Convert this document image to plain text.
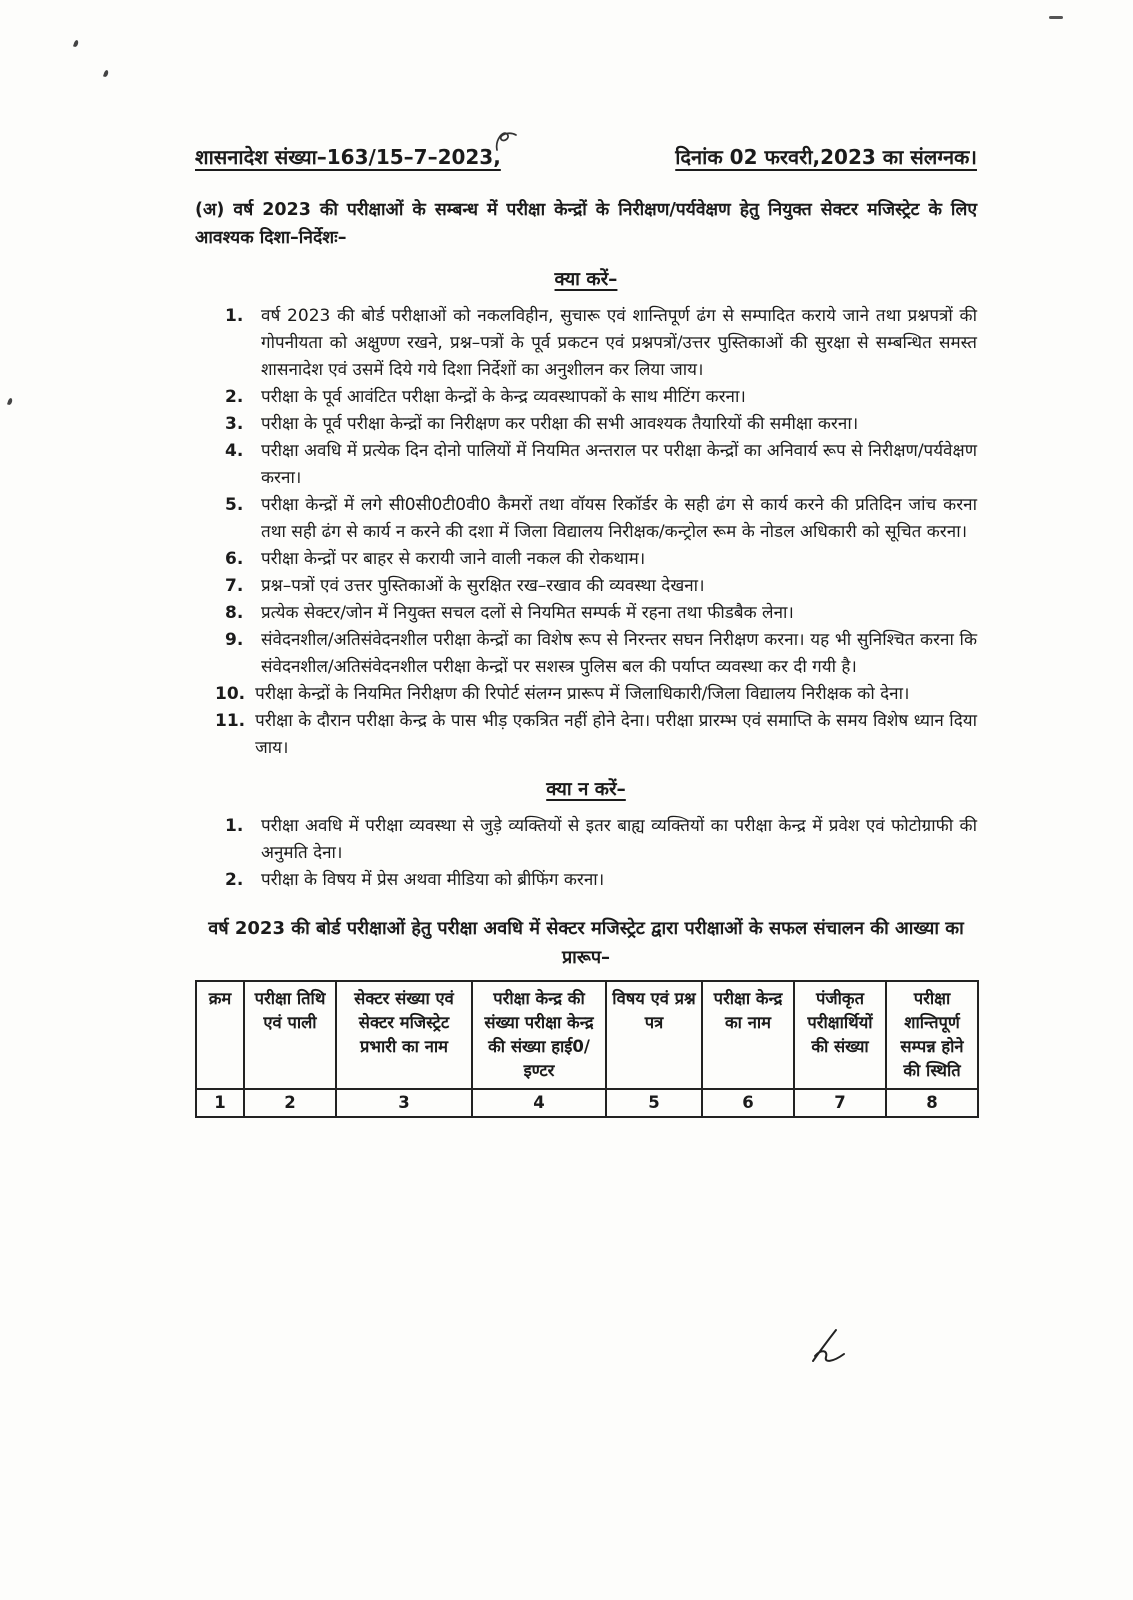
शासनादेश संख्या–163/15–7–2023,	दिनांक 02 फरवरी,2023 का संलग्नक।

(अ) वर्ष 2023 की परीक्षाओं के सम्बन्ध में परीक्षा केन्द्रों के निरीक्षण/पर्यवेक्षण हेतु नियुक्त सेक्टर मजिस्ट्रेट के लिए आवश्यक दिशा–निर्देशः–

क्या करें–
1.	वर्ष 2023 की बोर्ड परीक्षाओं को नकलविहीन, सुचारू एवं शान्तिपूर्ण ढंग से सम्पादित कराये जाने तथा प्रश्नपत्रों की गोपनीयता को अक्षुण्ण रखने, प्रश्न–पत्रों के पूर्व प्रकटन एवं प्रश्नपत्रों/उत्तर पुस्तिकाओं की सुरक्षा से सम्बन्धित समस्त शासनादेश एवं उसमें दिये गये दिशा निर्देशों का अनुशीलन कर लिया जाय।
2.	परीक्षा के पूर्व आवंटित परीक्षा केन्द्रों के केन्द्र व्यवस्थापकों के साथ मीटिंग करना।
3.	परीक्षा के पूर्व परीक्षा केन्द्रों का निरीक्षण कर परीक्षा की सभी आवश्यक तैयारियों की समीक्षा करना।
4.	परीक्षा अवधि में प्रत्येक दिन दोनो पालियों में नियमित अन्तराल पर परीक्षा केन्द्रों का अनिवार्य रूप से निरीक्षण/पर्यवेक्षण करना।
5.	परीक्षा केन्द्रों में लगे सी0सी0टी0वी0 कैमरों तथा वॉयस रिकॉर्डर के सही ढंग से कार्य करने की प्रतिदिन जांच करना तथा सही ढंग से कार्य न करने की दशा में जिला विद्यालय निरीक्षक/कन्ट्रोल रूम के नोडल अधिकारी को सूचित करना।
6.	परीक्षा केन्द्रों पर बाहर से करायी जाने वाली नकल की रोकथाम।
7.	प्रश्न–पत्रों एवं उत्तर पुस्तिकाओं के सुरक्षित रख–रखाव की व्यवस्था देखना।
8.	प्रत्येक सेक्टर/जोन में नियुक्त सचल दलों से नियमित सम्पर्क में रहना तथा फीडबैक लेना।
9.	संवेदनशील/अतिसंवेदनशील परीक्षा केन्द्रों का विशेष रूप से निरन्तर सघन निरीक्षण करना। यह भी सुनिश्चित करना कि संवेदनशील/अतिसंवेदनशील परीक्षा केन्द्रों पर सशस्त्र पुलिस बल की पर्याप्त व्यवस्था कर दी गयी है।
10. परीक्षा केन्द्रों के नियमित निरीक्षण की रिपोर्ट संलग्न प्रारूप में जिलाधिकारी/जिला विद्यालय निरीक्षक को देना।
11. परीक्षा के दौरान परीक्षा केन्द्र के पास भीड़ एकत्रित नहीं होने देना। परीक्षा प्रारम्भ एवं समाप्ति के समय विशेष ध्यान दिया जाय।
क्या न करें–
1.	परीक्षा अवधि में परीक्षा व्यवस्था से जुड़े व्यक्तियों से इतर बाह्य व्यक्तियों का परीक्षा केन्द्र में प्रवेश एवं फोटोग्राफी की अनुमति देना।
2.	परीक्षा के विषय में प्रेस अथवा मीडिया को ब्रीफिंग करना।

वर्ष 2023 की बोर्ड परीक्षाओं हेतु परीक्षा अवधि में सेक्टर मजिस्ट्रेट द्वारा परीक्षाओं के सफल संचालन की आख्या का प्रारूप–

क्रम	परीक्षा तिथि एवं पाली	सेक्टर संख्या एवं सेक्टर मजिस्ट्रेट प्रभारी का नाम	परीक्षा केन्द्र की संख्या परीक्षा केन्द्र की संख्या हाई0/इण्टर	विषय एवं प्रश्न पत्र	परीक्षा केन्द्र का नाम	पंजीकृत परीक्षार्थियों की संख्या	परीक्षा शान्तिपूर्ण सम्पन्न होने की स्थिति
1	2	3	4	5	6	7	8
